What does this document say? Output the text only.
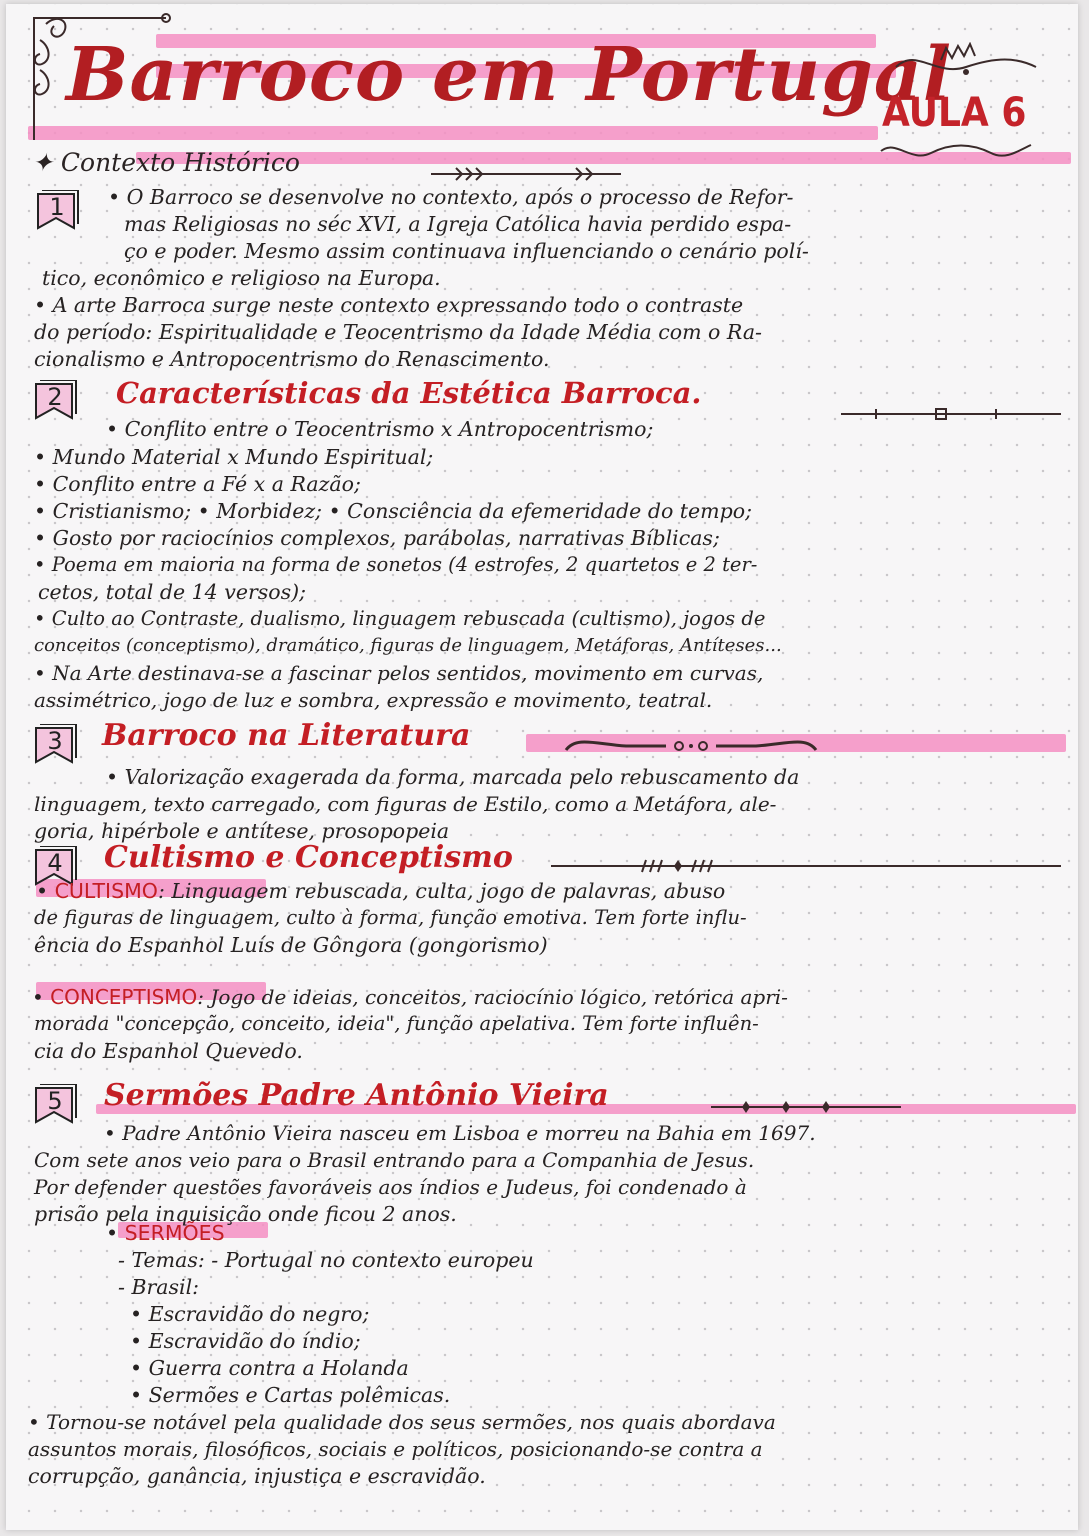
Barroco em Portugal
AULA 6
✦ Contexto Histórico
1	• O Barroco se desenvolve no contexto, após o processo de Refor-
mas Religiosas no séc XVI, a Igreja Católica havia perdido espa-
ço e poder. Mesmo assim continuava influenciando o cenário polí-
tico, econômico e religioso na Europa.
• A arte Barroca surge neste contexto expressando todo o contraste
do período: Espiritualidade e Teocentrismo da Idade Média com o Ra-
cionalismo e Antropocentrismo do Renascimento.
2	Características da Estética Barroca.
• Conflito entre o Teocentrismo x Antropocentrismo;
• Mundo Material x Mundo Espiritual;
• Conflito entre a Fé x a Razão;
• Cristianismo; • Morbidez; • Consciência da efemeridade do tempo;
• Gosto por raciocínios complexos, parábolas, narrativas Bíblicas;
• Poema em maioria na forma de sonetos (4 estrofes, 2 quartetos e 2 ter-
cetos, total de 14 versos);
• Culto ao Contraste, dualismo, linguagem rebuscada (cultismo), jogos de
conceitos (conceptismo), dramático, figuras de linguagem, Metáforas, Antíteses...
• Na Arte destinava-se a fascinar pelos sentidos, movimento em curvas,
assimétrico, jogo de luz e sombra, expressão e movimento, teatral.
3	Barroco na Literatura
• Valorização exagerada da forma, marcada pelo rebuscamento da
linguagem, texto carregado, com figuras de Estilo, como a Metáfora, ale-
goria, hipérbole e antítese, prosopopeia
4	Cultismo e Conceptismo
• CULTISMO: Linguagem rebuscada, culta, jogo de palavras, abuso
de figuras de linguagem, culto à forma, função emotiva. Tem forte influ-
ência do Espanhol Luís de Gôngora (gongorismo)
• CONCEPTISMO: Jogo de ideias, conceitos, raciocínio lógico, retórica apri-
morada "concepção, conceito, ideia", função apelativa. Tem forte influên-
cia do Espanhol Quevedo.
5	Sermões Padre Antônio Vieira
• Padre Antônio Vieira nasceu em Lisboa e morreu na Bahia em 1697.
Com sete anos veio para o Brasil entrando para a Companhia de Jesus.
Por defender questões favoráveis aos índios e Judeus, foi condenado à
prisão pela inquisição onde ficou 2 anos.
• SERMÕES
- Temas: - Portugal no contexto europeu
- Brasil:
• Escravidão do negro;
• Escravidão do índio;
• Guerra contra a Holanda
• Sermões e Cartas polêmicas.
• Tornou-se notável pela qualidade dos seus sermões, nos quais abordava
assuntos morais, filosóficos, sociais e políticos, posicionando-se contra a
corrupção, ganância, injustiça e escravidão.
